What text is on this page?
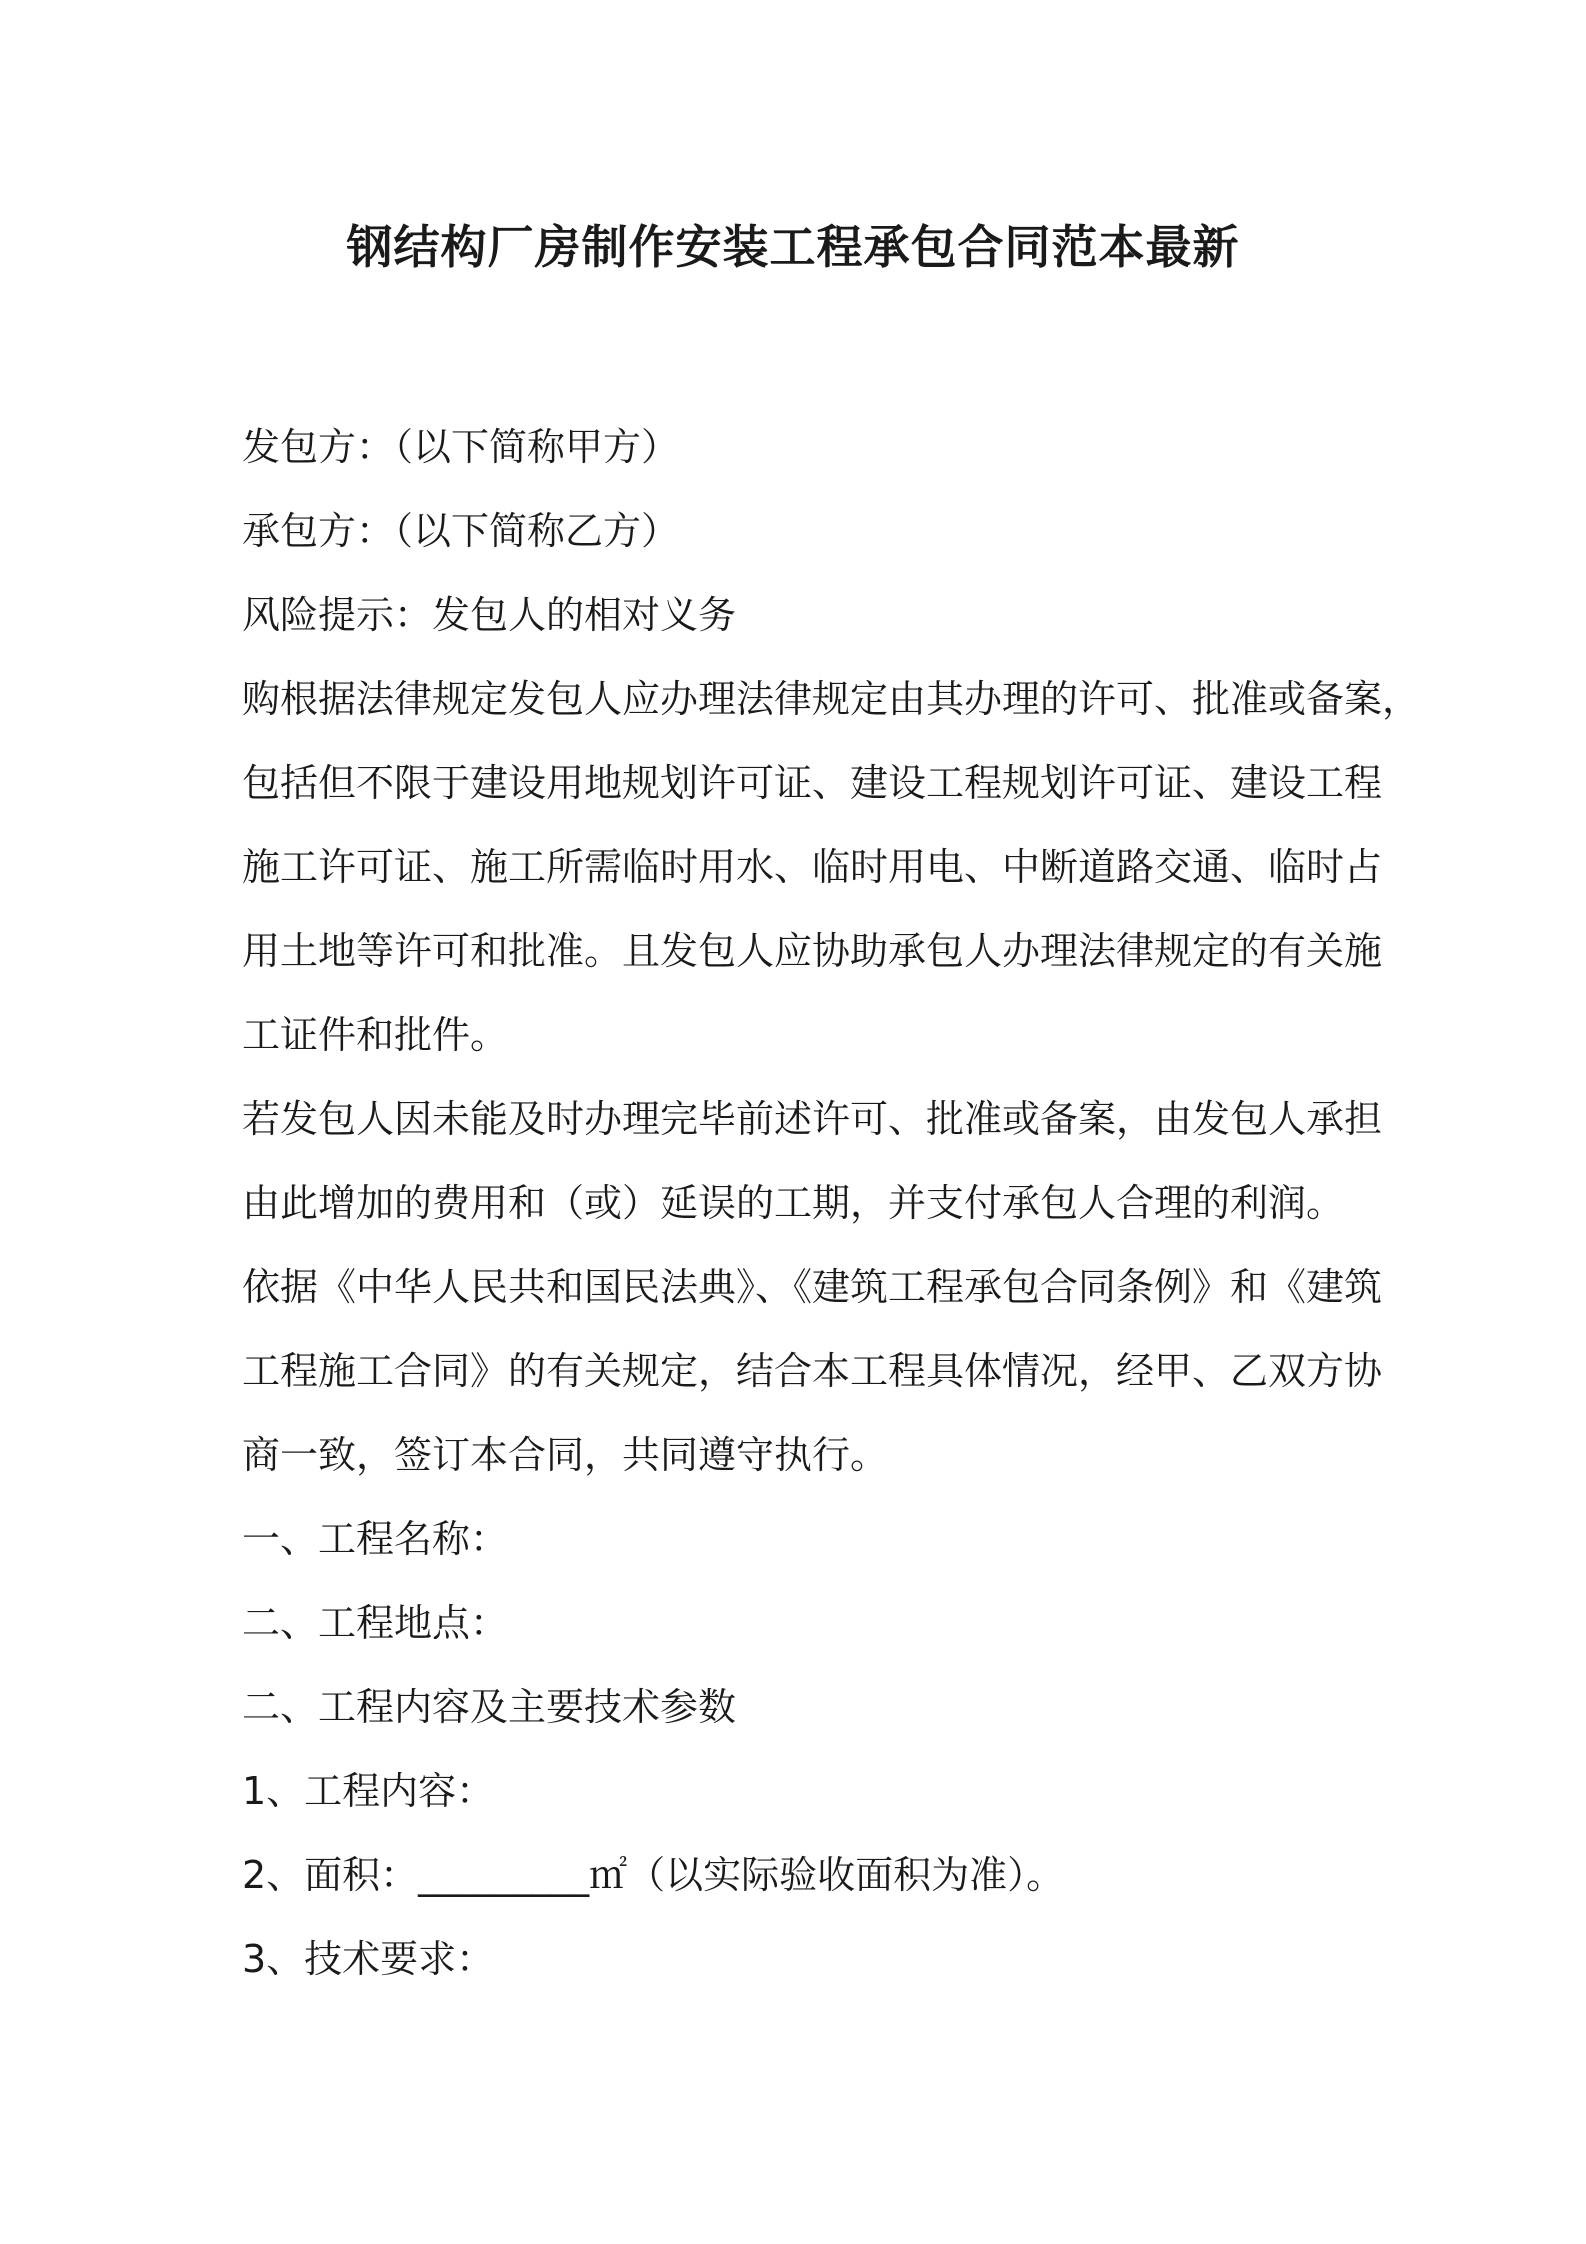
钢结构厂房制作安装工程承包合同范本最新
发包方：（以下简称甲方）
承包方：（以下简称乙方）
风险提示：发包人的相对义务
购根据法律规定发包人应办理法律规定由其办理的许可、批准或备案，
包括但不限于建设用地规划许可证、建设工程规划许可证、建设工程
施工许可证、施工所需临时用水、临时用电、中断道路交通、临时占
用土地等许可和批准。且发包人应协助承包人办理法律规定的有关施
工证件和批件。
若发包人因未能及时办理完毕前述许可、批准或备案，由发包人承担
由此增加的费用和（或）延误的工期，并支付承包人合理的利润。
依据《中华人民共和国民法典》、《建筑工程承包合同条例》和《建筑
工程施工合同》的有关规定，结合本工程具体情况，经甲、乙双方协
商一致，签订本合同，共同遵守执行。
一、工程名称：
二、工程地点：
二、工程内容及主要技术参数
1、工程内容：
2、面积：_________㎡（以实际验收面积为准）。
3、技术要求：
